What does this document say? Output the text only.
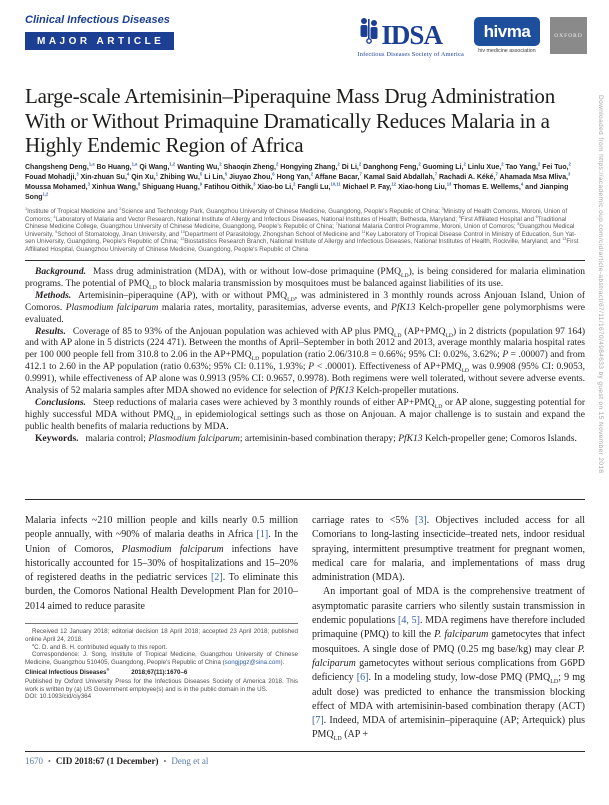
Clinical Infectious Diseases
MAJOR ARTICLE	IDSA
Infectious Diseases Society of America
hivma
hiv medicine association
OXFORD
Large-scale Artemisinin–Piperaquine Mass Drug Administration With or Without Primaquine Dramatically Reduces Malaria in a Highly Endemic Region of Africa
Changsheng Deng,$^{1,a}$ Bo Huang,$^{1,a}$ Qi Wang,$^{1,2}$ Wanting Wu,$^2$ Shaoqin Zheng,$^2$ Hongying Zhang,$^2$ Di Li,$^2$ Danghong Feng,$^2$ Guoming Li,$^2$ Linlu Xue,$^2$ Tao Yang,$^2$ Fei Tuo,$^2$ Fouad Mohadji,$^3$ Xin-zhuan Su,$^4$ Qin Xu,$^1$ Zhibing Wu,$^5$ Li Lin,$^5$ Jiuyao Zhou,$^6$ Hong Yan,$^2$ Affane Bacar,$^7$ Kamal Said Abdallah,$^7$ Rachadi A. Kéké,$^7$ Ahamada Msa Mliva,$^3$ Moussa Mohamed,$^3$ Xinhua Wang,$^8$ Shiguang Huang,$^9$ Fatihou Oithik,$^3$ Xiao-bo Li,$^2$ Fangli Lu,$^{10,11}$ Michael P. Fay,$^{12}$ Xiao-hong Liu,$^{13}$ Thomas E. Wellems,$^4$ and Jianping Song$^{1,2}$
$^1$Institute of Tropical Medicine and $^2$Science and Technology Park, Guangzhou University of Chinese Medicine, Guangdong, People's Republic of China; $^3$Ministry of Health Comoros, Moroni, Union of Comoros; $^4$Laboratory of Malaria and Vector Research, National Institute of Allergy and Infectious Diseases, National Institutes of Health, Bethesda, Maryland; $^5$First Affiliated Hospital and $^6$Traditional Chinese Medicine College, Guangzhou University of Chinese Medicine, Guangdong, People's Republic of China; $^7$National Malaria Control Programme, Moroni, Union of Comoros; $^8$Guangzhou Medical University, $^9$School of Stomatology, Jinan University, and $^{10}$Department of Parasitology, Zhongshan School of Medicine and $^{11}$Key Laboratory of Tropical Disease Control in Ministry of Education, Sun Yat-sen University, Guangdong, People's Republic of China; $^{12}$Biostatistics Research Branch, National Institute of Allergy and Infectious Diseases, National Institutes of Health, Rockville, Maryland; and $^{13}$First Affiliated Hospital, Guangzhou University of Chinese Medicine, Guangdong, People's Republic of China

Background. Mass drug administration (MDA), with or without low-dose primaquine $(PMQ_{LD})$, is being considered for malaria elimination programs. The potential of $PMQ_{LD}$ to block malaria transmission by mosquitoes must be balanced against liabilities of its use.

Methods. Artemisinin–piperaquine (AP), with or without $PMQ_{LD}$, was administered in 3 monthly rounds across Anjouan Island, Union of Comoros. Plasmodium falciparum malaria rates, mortality, parasitemias, adverse events, and PfK13 Kelch-propeller gene polymorphisms were evaluated.

Results. Coverage of 85 to 93% of the Anjouan population was achieved with AP plus $PMQ_{LD}$ $(AP+PMQ_{LD})$ in 2 districts (population 97 164) and with AP alone in 5 districts (224 471). Between the months of April–September in both 2012 and 2013, average monthly malaria hospital rates per 100 000 people fell from 310.8 to 2.06 in the $AP+PMQ_{LD}$ population (ratio 2.06/310.8 = 0.66%; 95% CI: 0.02%, 3.62%; P = .00007) and from 412.1 to 2.60 in the AP population (ratio 0.63%; 95% CI: 0.11%, 1.93%; P < .00001). Effectiveness of $AP+PMQ_{LD}$ was 0.9908 (95% CI: 0.9053, 0.9991), while effectiveness of AP alone was 0.9913 (95% CI: 0.9657, 0.9978). Both regimens were well tolerated, without severe adverse events. Analysis of 52 malaria samples after MDA showed no evidence for selection of PfK13 Kelch-propeller mutations.

Conclusions. Steep reductions of malaria cases were achieved by 3 monthly rounds of either $AP+PMQ_{LD}$ or AP alone, suggesting potential for highly successful MDA without $PMQ_{LD}$ in epidemiological settings such as those on Anjouan. A major challenge is to sustain and expand the public health benefits of malaria reductions by MDA.

Keywords. malaria control; Plasmodium falciparum; artemisinin-based combination therapy; PfK13 Kelch-propeller gene; Comoros Islands.

Malaria infects ~210 million people and kills nearly 0.5 million people annually, with ~90% of malaria deaths in Africa [1]. In the Union of Comoros, Plasmodium falciparum infections have historically accounted for 15–30% of hospitalizations and 15–20% of registered deaths in the pediatric services [2]. To eliminate this burden, the Comoros National Health Development Plan for 2010–2014 aimed to reduce parasite

Received 12 January 2018; editorial decision 18 April 2018; accepted 23 April 2018; published online April 24, 2018.

$^a$C. D. and B. H. contributed equally to this report.

Correspondence: J. Song, Institute of Tropical Medicine, Guangzhou University of Chinese Medicine, Guangzhou 510405, Guangdong, People's Republic of China (songjpgz@sina.com).

Clinical Infectious Diseases®	2018;67(11):1670–6

Published by Oxford University Press for the Infectious Diseases Society of America 2018. This work is written by (a) US Government employee(s) and is in the public domain in the US.

DOI: 10.1093/cid/ciy364

carriage rates to <5% [3]. Objectives included access for all Comorians to long-lasting insecticide–treated nets, indoor residual spraying, intermittent presumptive treatment for pregnant women, medical care for malaria, and implementations of mass drug administration (MDA).

An important goal of MDA is the comprehensive treatment of asymptomatic parasite carriers who silently sustain transmission in endemic populations [4, 5]. MDA regimens have therefore included primaquine (PMQ) to kill the P. falciparum gametocytes that infect mosquitoes. A single dose of PMQ (0.25 mg base/kg) may clear P. falciparum gametocytes without serious complications from G6PD deficiency [6]. In a modeling study, low-dose PMQ ($PMQ_{LD}$; 9 mg adult dose) was predicted to enhance the transmission blocking effect of MDA with artemisinin-based combination therapy (ACT) [7]. Indeed, MDA of artemisinin–piperaquine (AP; Artequick) plus $PMQ_{LD}$ (AP +

1670 • CID 2018:67 (1 December) • Deng et al
Downloaded from https://academic.oup.com/cid/article-abstract/67/11/1670/4984633 by guest on 15 November 2018
